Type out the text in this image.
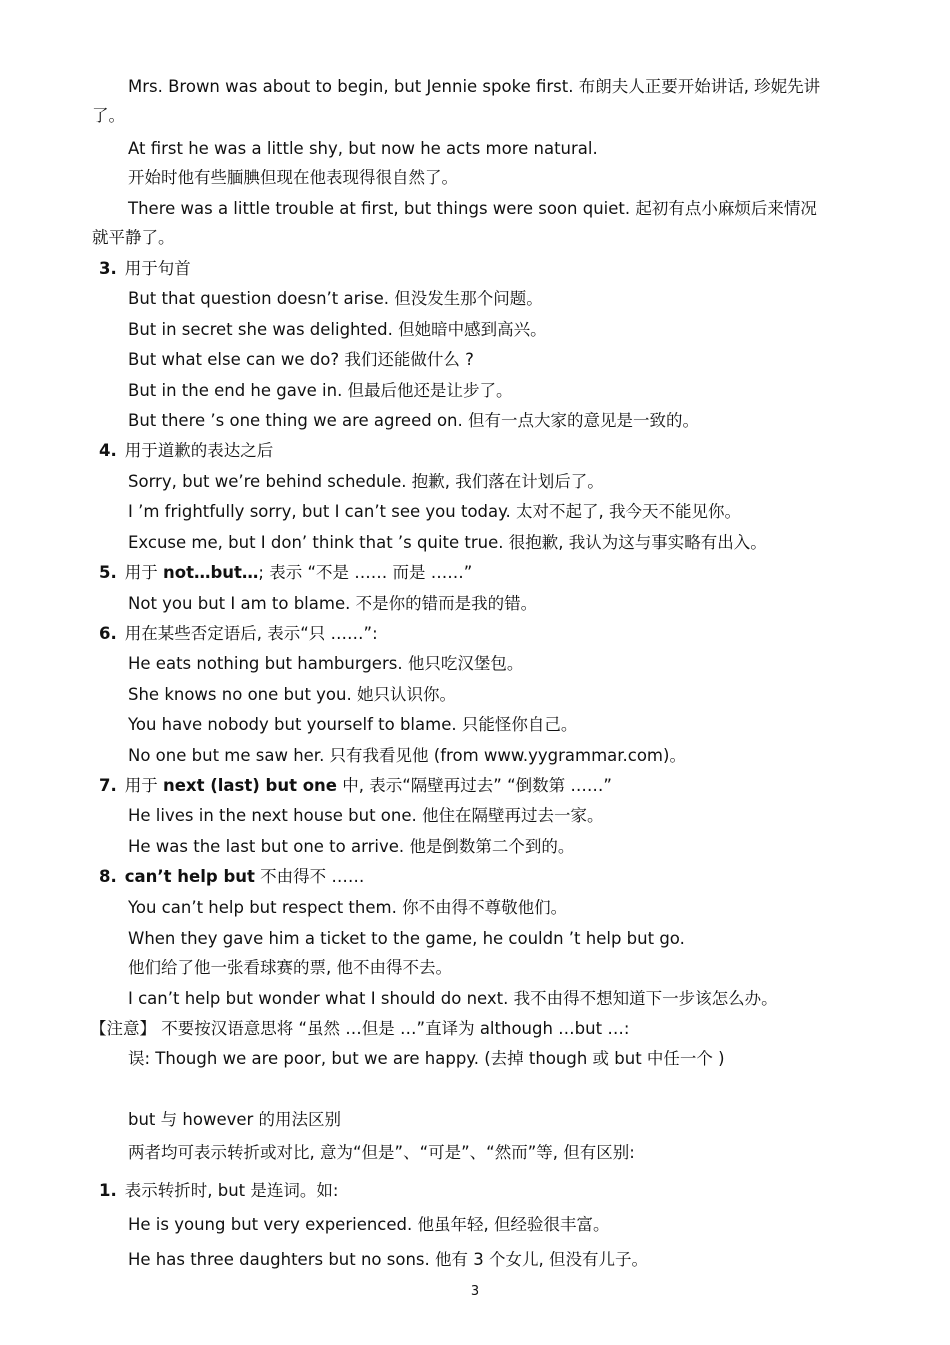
Mrs. Brown was about to begin, but Jennie spoke first. 布朗夫人正要开始讲话, 珍妮先讲
了。
At first he was a little shy, but now he acts more natural.
开始时他有些腼腆但现在他表现得很自然了。
There was a little trouble at first, but things were soon quiet. 起初有点小麻烦后来情况
就平静了。
3. 用于句首
But that question doesn’t arise. 但没发生那个问题。
But in secret she was delighted. 但她暗中感到高兴。
But what else can we do? 我们还能做什么 ?
But in the end he gave in. 但最后他还是让步了。
But there ’s one thing we are agreed on. 但有一点大家的意见是一致的。
4. 用于道歉的表达之后
Sorry, but we’re behind schedule. 抱歉, 我们落在计划后了。
I ’m frightfully sorry, but I can’t see you today. 太对不起了, 我今天不能见你。
Excuse me, but I don’ think that ’s quite true. 很抱歉, 我认为这与事实略有出入。
5. 用于 not…but…; 表示 “不是 …… 而是 ……”
Not you but I am to blame. 不是你的错而是我的错。
6. 用在某些否定语后, 表示“只 ……”:
He eats nothing but hamburgers. 他只吃汉堡包。
She knows no one but you. 她只认识你。
You have nobody but yourself to blame. 只能怪你自己。
No one but me saw her. 只有我看见他 (from www.yygrammar.com)。
7. 用于 next (last) but one 中, 表示“隔壁再过去” “倒数第 ……”
He lives in the next house but one. 他住在隔壁再过去一家。
He was the last but one to arrive. 他是倒数第二个到的。
8. can’t help but 不由得不 ……
You can’t help but respect them. 你不由得不尊敬他们。
When they gave him a ticket to the game, he couldn ’t help but go.
他们给了他一张看球赛的票, 他不由得不去。
I can’t help but wonder what I should do next. 我不由得不想知道下一步该怎么办。
【注意】 不要按汉语意思将 “虽然 …但是 …”直译为 although …but …:
误: Though we are poor, but we are happy. (去掉 though 或 but 中任一个 )
but 与 however 的用法区别
两者均可表示转折或对比, 意为“但是”、“可是”、“然而”等, 但有区别:
1. 表示转折时, but 是连词。如:
He is young but very experienced. 他虽年轻, 但经验很丰富。
He has three daughters but no sons. 他有 3 个女儿, 但没有儿子。
3
